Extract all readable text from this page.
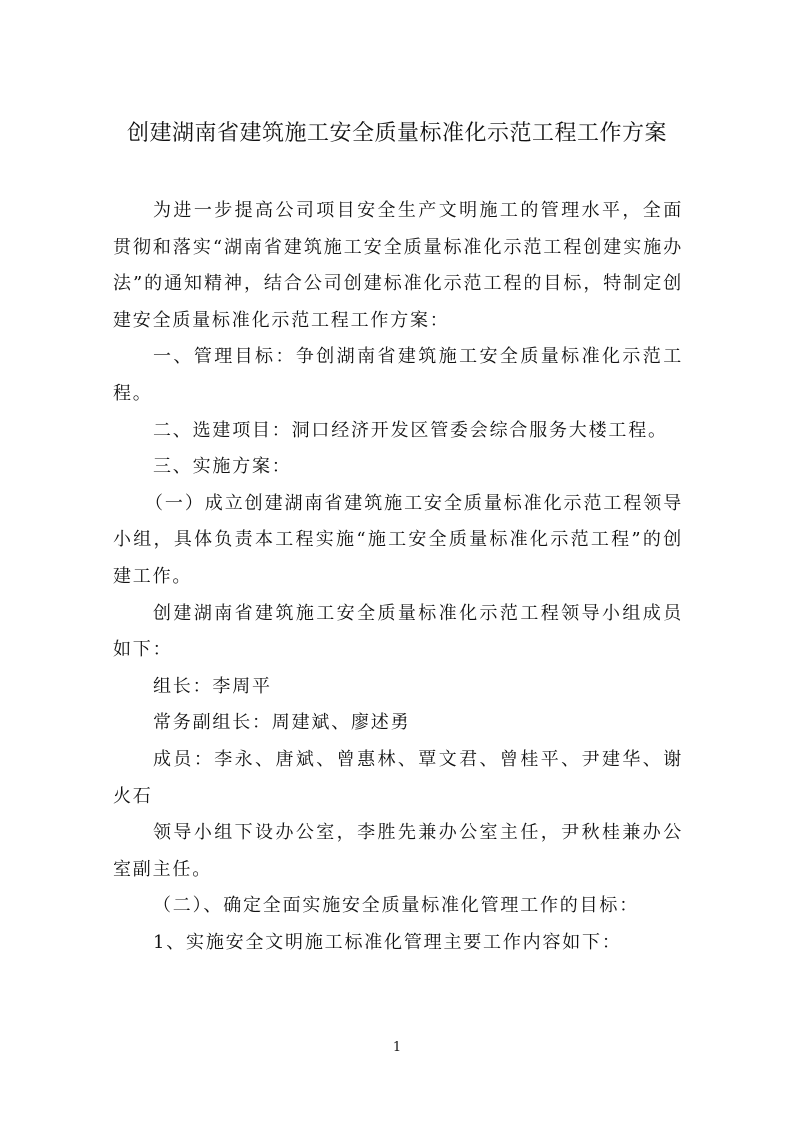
创建湖南省建筑施工安全质量标准化示范工程工作方案

为进一步提高公司项目安全生产文明施工的管理水平，全面贯彻和落实“湖南省建筑施工安全质量标准化示范工程创建实施办法”的通知精神，结合公司创建标准化示范工程的目标，特制定创建安全质量标准化示范工程工作方案：

一、管理目标：争创湖南省建筑施工安全质量标准化示范工程。

二、选建项目：洞口经济开发区管委会综合服务大楼工程。

三、实施方案：

（一）成立创建湖南省建筑施工安全质量标准化示范工程领导小组，具体负责本工程实施“施工安全质量标准化示范工程”的创建工作。

创建湖南省建筑施工安全质量标准化示范工程领导小组成员如下：

组长：李周平

常务副组长：周建斌、廖述勇

成员：李永、唐斌、曾惠林、覃文君、曾桂平、尹建华、谢火石

领导小组下设办公室，李胜先兼办公室主任，尹秋桂兼办公室副主任。

（二）、确定全面实施安全质量标准化管理工作的目标：

1、实施安全文明施工标准化管理主要工作内容如下：

1
